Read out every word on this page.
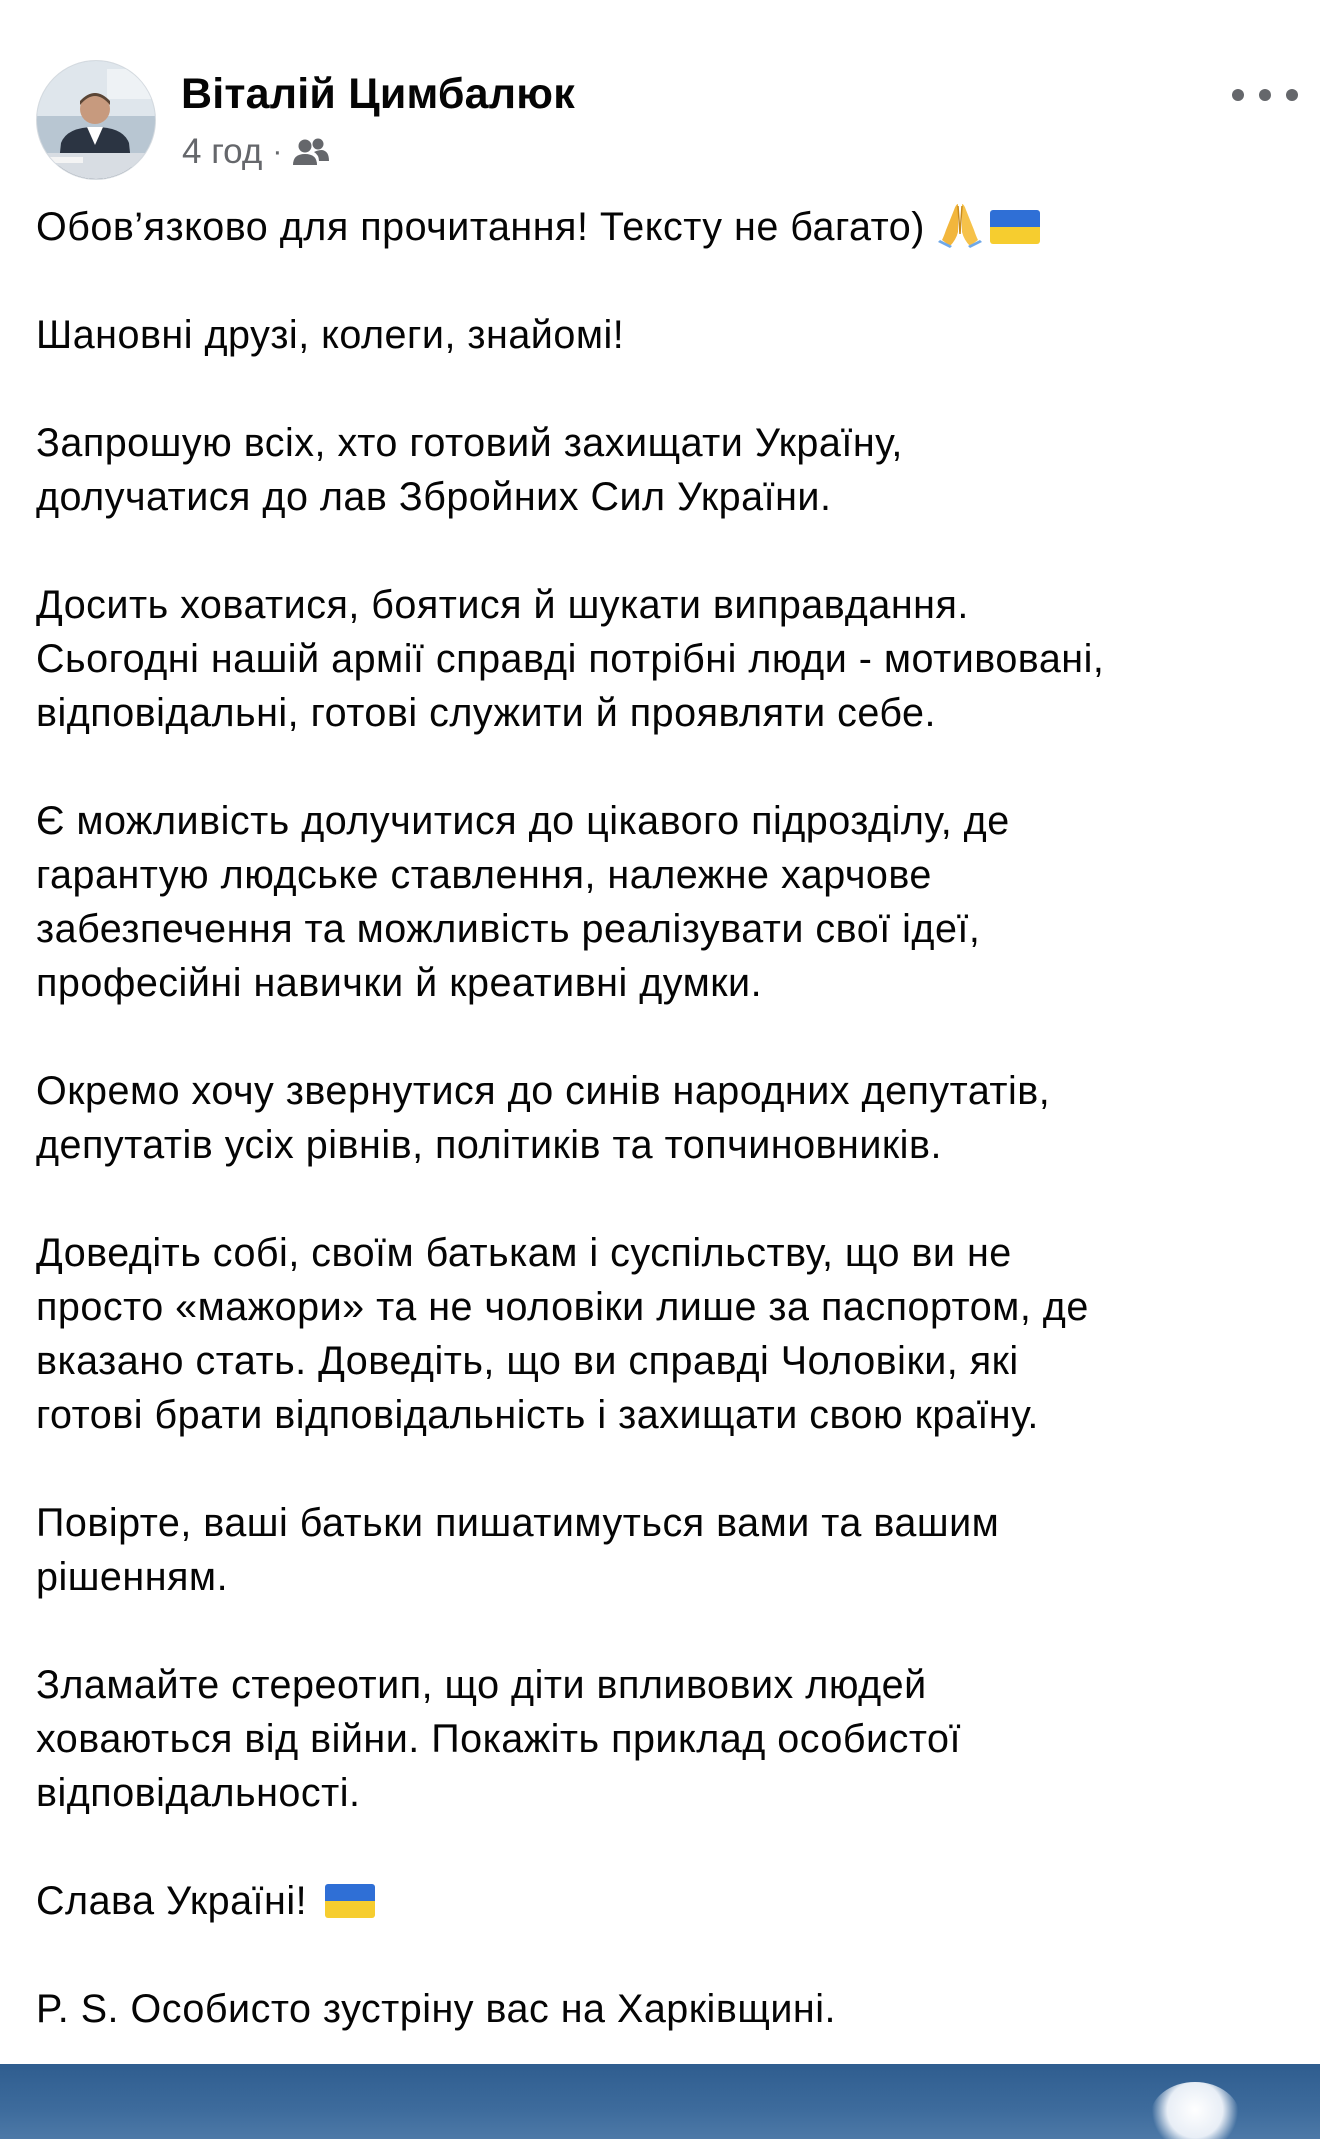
Віталій Цимбалюк
4 год ·

Обов’язково для прочитання! Тексту не багато)

Шановні друзі, колеги, знайомі!

Запрошую всіх, хто готовий захищати Україну,
долучатися до лав Збройних Сил України.

Досить ховатися, боятися й шукати виправдання.
Сьогодні нашій армії справді потрібні люди - мотивовані,
відповідальні, готові служити й проявляти себе.

Є можливість долучитися до цікавого підрозділу, де
гарантую людське ставлення, належне харчове
забезпечення та можливість реалізувати свої ідеї,
професійні навички й креативні думки.

Окремо хочу звернутися до синів народних депутатів,
депутатів усіх рівнів, політиків та топчиновників.

Доведіть собі, своїм батькам і суспільству, що ви не
просто «мажори» та не чоловіки лише за паспортом, де
вказано стать. Доведіть, що ви справді Чоловіки, які
готові брати відповідальність і захищати свою країну.

Повірте, ваші батьки пишатимуться вами та вашим
рішенням.

Зламайте стереотип, що діти впливових людей
ховаються від війни. Покажіть приклад особистої
відповідальності.

Слава Україні!

P. S. Особисто зустріну вас на Харківщині.
